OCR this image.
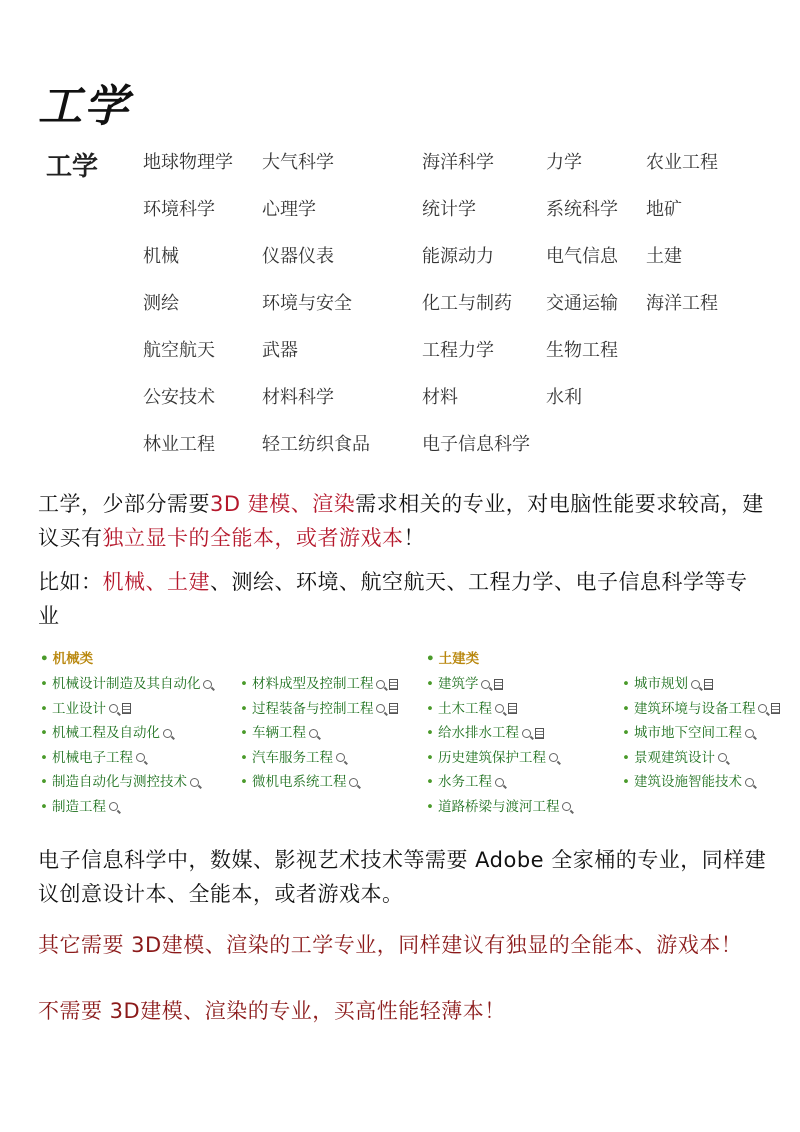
工学
工学 地球物理学 大气科学	海洋科学	力学	农业工程
环境科学	心理学	统计学	系统科学 地矿
机械	仪器仪表	能源动力	电气信息 土建
测绘	环境与安全	化工与制药 交通运输 海洋工程
航空航天	武器	工程力学	生物工程
公安技术	材料科学	材料	水利
林业工程	轻工纺织食品	电子信息科学
工学，少部分需要3D 建模、渲染需求相关的专业，对电脑性能要求较高，建议买有独立显卡的全能本，或者游戏本！
比如：机械、土建、测绘、环境、航空航天、工程力学、电子信息科学等专业
• 机械类
• 机械设计制造及其自动化
• 工业设计
• 机械工程及自动化
• 机械电子工程
• 制造自动化与测控技术
• 制造工程
• 材料成型及控制工程
• 过程装备与控制工程
• 车辆工程
• 汽车服务工程
• 微机电系统工程
• 土建类
• 建筑学
• 土木工程
• 给水排水工程
• 历史建筑保护工程
• 水务工程
• 道路桥梁与渡河工程
• 城市规划
• 建筑环境与设备工程
• 城市地下空间工程
• 景观建筑设计
• 建筑设施智能技术
电子信息科学中，数媒、影视艺术技术等需要 Adobe 全家桶的专业，同样建议创意设计本、全能本，或者游戏本。
其它需要 3D建模、渲染的工学专业，同样建议有独显的全能本、游戏本！
不需要 3D建模、渲染的专业，买高性能轻薄本！
